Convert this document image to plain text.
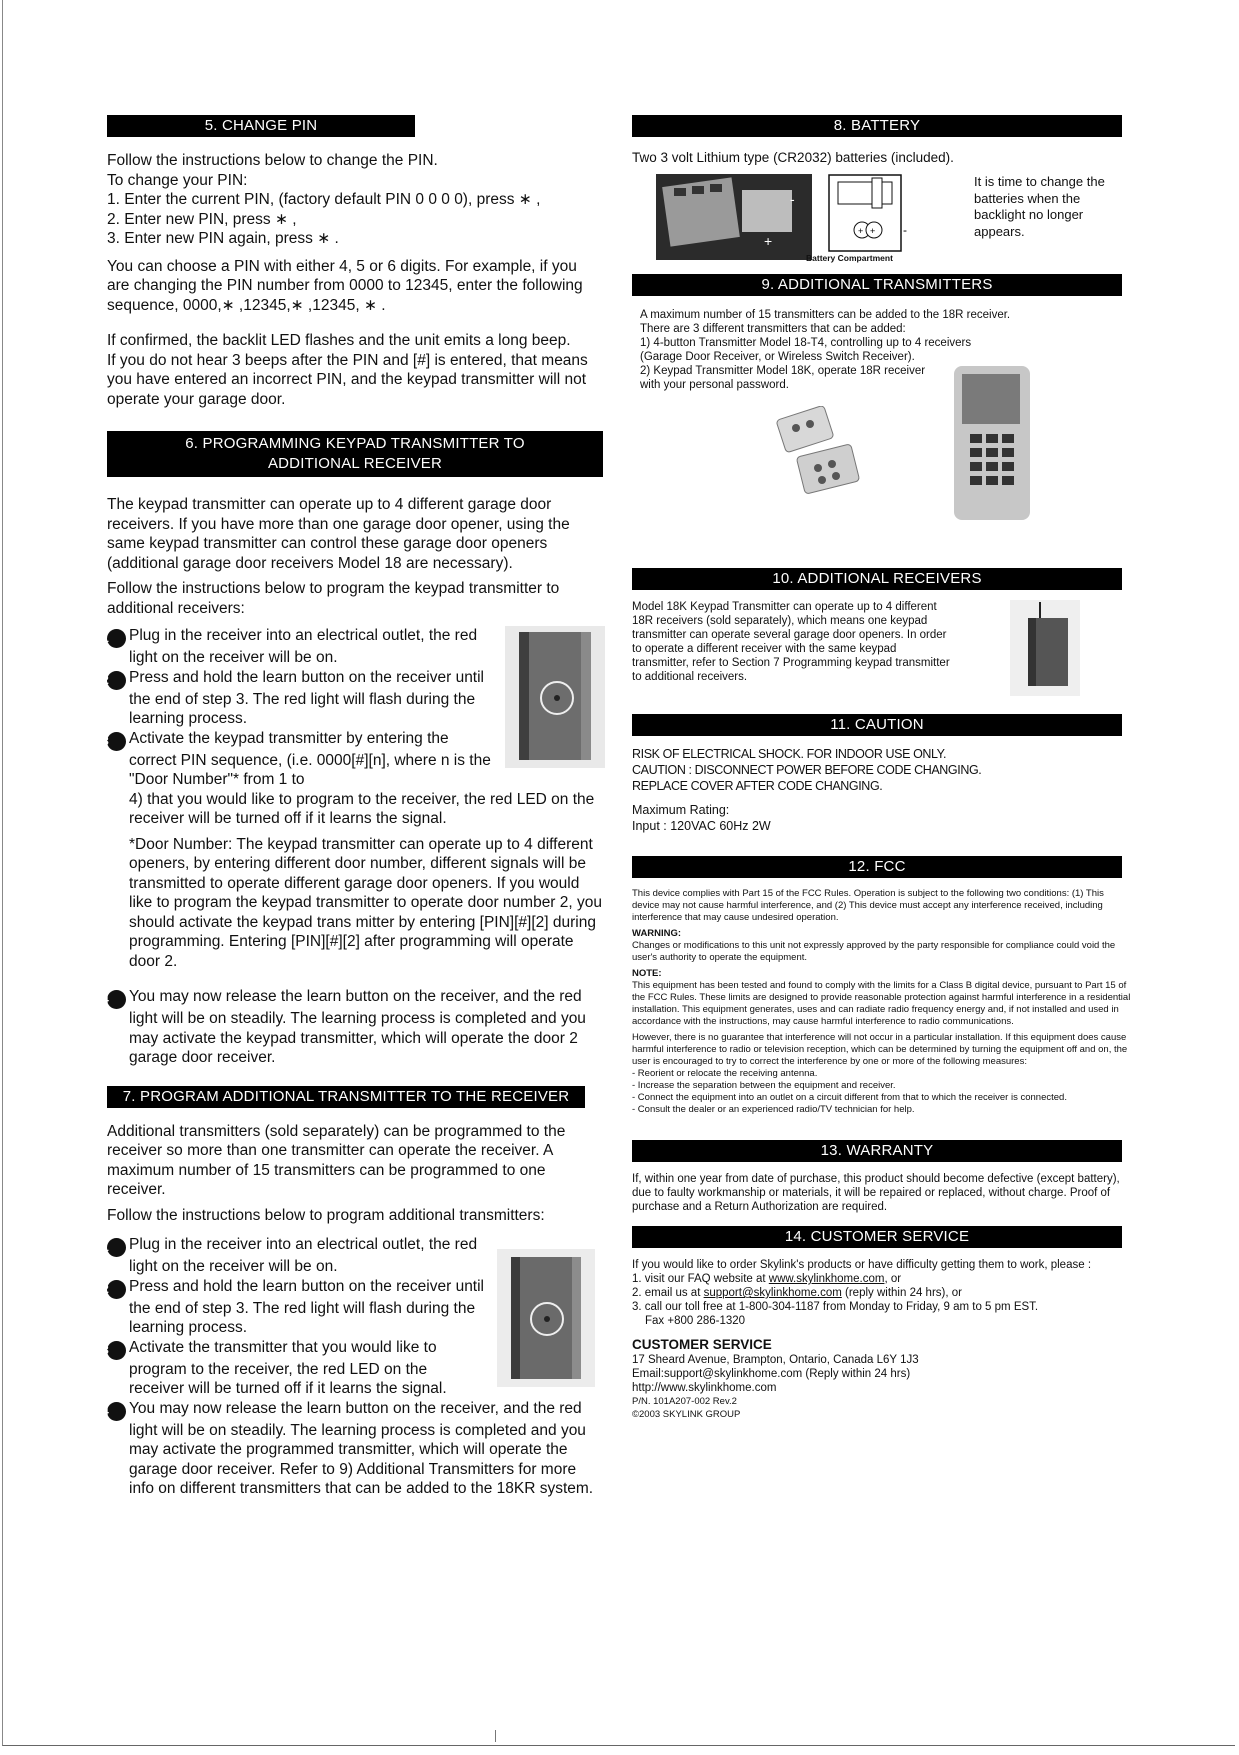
5. CHANGE PIN

Follow the instructions below to change the PIN.

To change your PIN:

1. Enter the current PIN, (factory default PIN 0 0 0 0), press ∗ ,

2. Enter new PIN, press ∗ ,

3. Enter new PIN again, press ∗ .

You can choose a PIN with either 4, 5 or 6 digits. For example, if you are changing the PIN number from 0000 to 12345, enter the following sequence, 0000,∗ ,12345,∗ ,12345, ∗ .

If confirmed, the backlit LED flashes and the unit emits a long beep.

If you do not hear 3 beeps after the PIN and [#] is entered, that means you have entered an incorrect PIN, and the keypad transmitter will not operate your garage door.

6. PROGRAMMING KEYPAD TRANSMITTER TO
ADDITIONAL RECEIVER

The keypad transmitter can operate up to 4 different garage door receivers. If you have more than one garage door opener, using the same keypad transmitter can control these garage door openers (additional garage door receivers Model 18 are necessary).

Follow the instructions below to program the keypad transmitter to additional receivers:

1 Plug in the receiver into an electrical outlet, the red light on the receiver will be on.

2 Press and hold the learn button on the receiver until the end of step 3. The red light will flash during the learning process.

3 Activate the keypad transmitter by entering the correct PIN sequence, (i.e. 0000[#][n], where n is the "Door Number"* from 1 to

4) that you would like to program to the receiver, the red LED on the receiver will be turned off if it learns the signal.

*Door Number: The keypad transmitter can operate up to 4 different openers, by entering different door number, different signals will be transmitted to operate different garage door openers. If you would like to program the keypad transmitter to operate door number 2, you should activate the keypad trans mitter by entering [PIN][#][2] during programming. Entering [PIN][#][2] after programming will operate door 2.

4 You may now release the learn button on the receiver, and the red light will be on steadily. The learning process is completed and you may activate the keypad transmitter, which will operate the door 2 garage door receiver.

7. PROGRAM ADDITIONAL TRANSMITTER TO THE RECEIVER

Additional transmitters (sold separately) can be programmed to the receiver so more than one transmitter can operate the receiver. A maximum number of 15 transmitters can be programmed to one receiver.

Follow the instructions below to program additional transmitters:

1 Plug in the receiver into an electrical outlet, the red light on the receiver will be on.

2 Press and hold the learn button on the receiver until the end of step 3. The red light will flash during the learning process.

3 Activate the transmitter that you would like to program to the receiver, the red LED on the receiver will be turned off if it learns the signal.

4 You may now release the learn button on the receiver, and the red light will be on steadily. The learning process is completed and you may activate the programmed transmitter, which will operate the garage door receiver. Refer to 9) Additional Transmitters for more info on different transmitters that can be added to the 18KR system.

8. BATTERY

Two 3 volt Lithium type (CR2032) batteries (included).

-
+
+ + -
It is time to change the batteries when the backlight no longer appears.
Battery Compartment
9. ADDITIONAL TRANSMITTERS

A maximum number of 15 transmitters can be added to the 18R receiver.

There are 3 different transmitters that can be added:

1) 4-button Transmitter Model 18-T4, controlling up to 4 receivers

(Garage Door Receiver, or Wireless Switch Receiver).

2) Keypad Transmitter Model 18K, operate 18R receiver

with your personal password.

10. ADDITIONAL RECEIVERS

Model 18K Keypad Transmitter can operate up to 4 different 18R receivers (sold separately), which means one keypad transmitter can operate several garage door openers. In order to operate a different receiver with the same keypad transmitter, refer to Section 7 Programming keypad transmitter to additional receivers.

11. CAUTION

RISK OF ELECTRICAL SHOCK. FOR INDOOR USE ONLY.

CAUTION : DISCONNECT POWER BEFORE CODE CHANGING.

REPLACE COVER AFTER CODE CHANGING.

Maximum Rating:

Input : 120VAC 60Hz 2W

12. FCC

This device complies with Part 15 of the FCC Rules. Operation is subject to the following two conditions: (1) This device may not cause harmful interference, and (2) This device must accept any interference received, including interference that may cause undesired operation.

WARNING:

Changes or modifications to this unit not expressly approved by the party responsible for compliance could void the user's authority to operate the equipment.

NOTE:

This equipment has been tested and found to comply with the limits for a Class B digital device, pursuant to Part 15 of the FCC Rules. These limits are designed to provide reasonable protection against harmful interference in a residential installation. This equipment generates, uses and can radiate radio frequency energy and, if not installed and used in accordance with the instructions, may cause harmful interference to radio communications.

However, there is no guarantee that interference will not occur in a particular installation. If this equipment does cause harmful interference to radio or television reception, which can be determined by turning the equipment off and on, the user is encouraged to try to correct the interference by one or more of the following measures:

- Reorient or relocate the receiving antenna.

- Increase the separation between the equipment and receiver.

- Connect the equipment into an outlet on a circuit different from that to which the receiver is connected.

- Consult the dealer or an experienced radio/TV technician for help.

13. WARRANTY

If, within one year from date of purchase, this product should become defective (except battery), due to faulty workmanship or materials, it will be repaired or replaced, without charge. Proof of purchase and a Return Authorization are required.

14. CUSTOMER SERVICE

If you would like to order Skylink's products or have difficulty getting them to work, please :

1. visit our FAQ website at www.skylinkhome.com, or

2. email us at support@skylinkhome.com (reply within 24 hrs), or

3. call our toll free at 1-800-304-1187 from Monday to Friday, 9 am to 5 pm EST.

Fax +800 286-1320

CUSTOMER SERVICE

17 Sheard Avenue, Brampton, Ontario, Canada L6Y 1J3

Email:support@skylinkhome.com (Reply within 24 hrs)

http://www.skylinkhome.com

P/N. 101A207-002 Rev.2

©2003 SKYLINK GROUP
